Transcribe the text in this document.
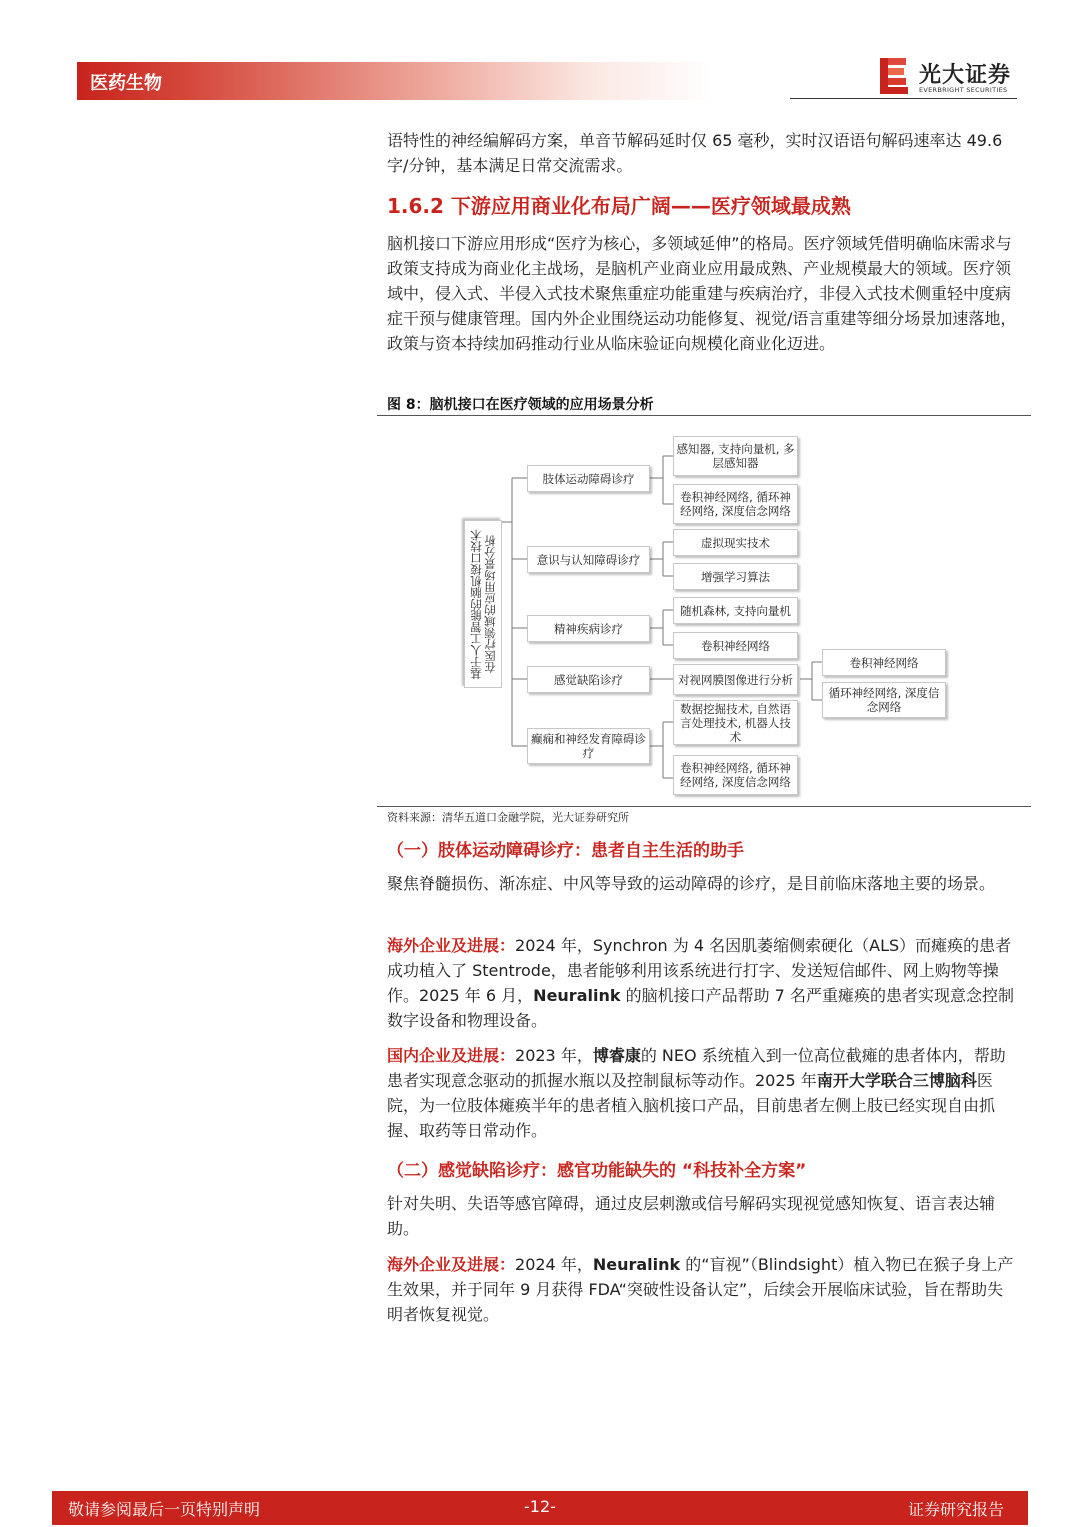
医药生物	光大证券
EVERBRIGHT SECURITIES

语特性的神经编解码方案，单音节解码延时仅 65 毫秒，实时汉语语句解码速率达 49.6 字/分钟，基本满足日常交流需求。

1.6.2 下游应用商业化布局广阔——医疗领域最成熟

脑机接口下游应用形成“医疗为核心，多领域延伸”的格局。医疗领域凭借明确临床需求与政策支持成为商业化主战场，是脑机产业商业应用最成熟、产业规模最大的领域。医疗领域中，侵入式、半侵入式技术聚焦重症功能重建与疾病治疗，非侵入式技术侧重轻中度病症干预与健康管理。国内外企业围绕运动功能修复、视觉/语言重建等细分场景加速落地，政策与资本持续加码推动行业从临床验证向规模化商业化迈进。

图 8：脑机接口在医疗领域的应用场景分析
基于人工智能的脑机接口技术在医疗领域的应用场景分析
肢体运动障碍诊疗
意识与认知障碍诊疗
精神疾病诊疗
感觉缺陷诊疗
癫痫和神经发育障碍诊疗
感知器, 支持向量机, 多层感知器
卷积神经网络, 循环神经网络, 深度信念网络
虚拟现实技术
增强学习算法
随机森林, 支持向量机
卷积神经网络
对视网膜图像进行分析
数据挖掘技术, 自然语言处理技术, 机器人技术
卷积神经网络, 循环神经网络, 深度信念网络
卷积神经网络
循环神经网络, 深度信念网络
资料来源：清华五道口金融学院，光大证券研究所
（一）肢体运动障碍诊疗：患者自主生活的助手

聚焦脊髓损伤、渐冻症、中风等导致的运动障碍的诊疗，是目前临床落地主要的场景。

海外企业及进展：2024 年，Synchron 为 4 名因肌萎缩侧索硬化（ALS）而瘫痪的患者成功植入了 Stentrode，患者能够利用该系统进行打字、发送短信邮件、网上购物等操作。2025 年 6 月，Neuralink 的脑机接口产品帮助 7 名严重瘫痪的患者实现意念控制数字设备和物理设备。

国内企业及进展：2023 年，博睿康的 NEO 系统植入到一位高位截瘫的患者体内，帮助患者实现意念驱动的抓握水瓶以及控制鼠标等动作。2025 年南开大学联合三博脑科医院，为一位肢体瘫痪半年的患者植入脑机接口产品，目前患者左侧上肢已经实现自由抓握、取药等日常动作。

（二）感觉缺陷诊疗：感官功能缺失的 “科技补全方案”

针对失明、失语等感官障碍，通过皮层刺激或信号解码实现视觉感知恢复、语言表达辅助。

海外企业及进展：2024 年，Neuralink 的“盲视”（Blindsight）植入物已在猴子身上产生效果，并于同年 9 月获得 FDA“突破性设备认定”，后续会开展临床试验，旨在帮助失明者恢复视觉。

敬请参阅最后一页特别声明	-12-	证券研究报告
